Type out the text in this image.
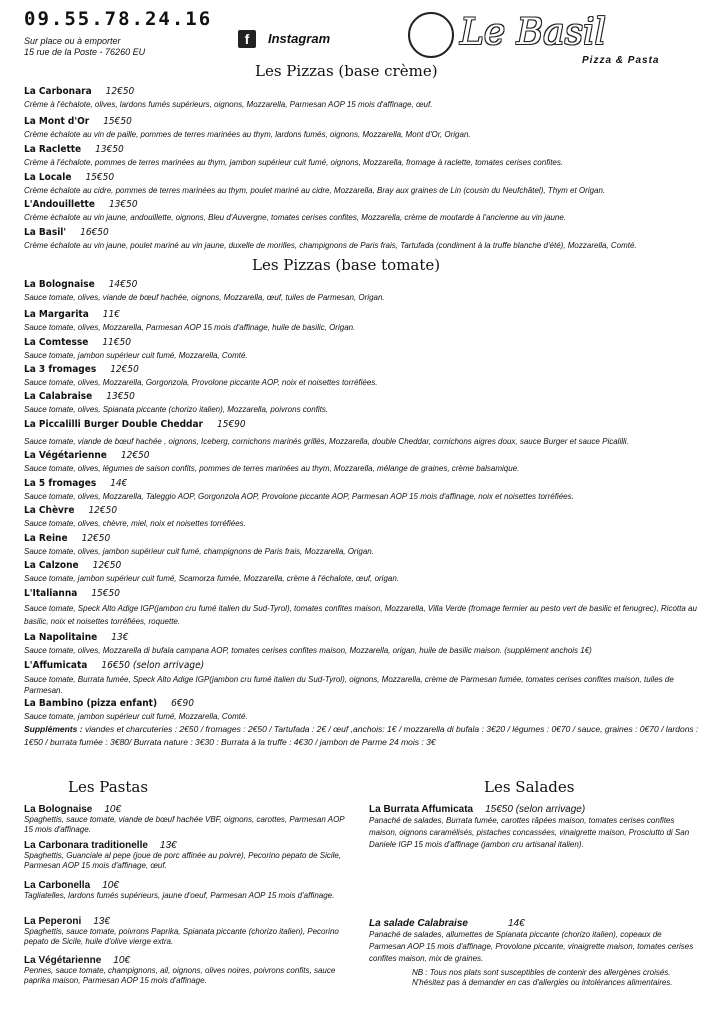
09.55.78.24.16
Sur place ou à emporter
15 rue de la Poste - 76260 EU
f	Instagram	Le Basil
Pizza & Pasta
Les Pizzas (base crème)
La Carbonara 12€50
Crème à l'échalote, olives, lardons fumés supérieurs, oignons, Mozzarella, Parmesan AOP 15 mois d'affinage, œuf.
La Mont d'Or 15€50
Crème échalote au vin de paille, pommes de terres marinées au thym, lardons fumés, oignons, Mozzarella, Mont d'Or, Origan.
La Raclette 13€50
Crème à l'échalote, pommes de terres marinées au thym, jambon supérieur cuit fumé, oignons, Mozzarella, fromage à raclette, tomates cerises confites.
La Locale 15€50
Crème échalote au cidre, pommes de terres marinées au thym, poulet mariné au cidre, Mozzarella, Bray aux graines de Lin (cousin du Neufchâtel), Thym et Origan.
L'Andouillette 13€50
Crème échalote au vin jaune, andouillette, oignons, Bleu d'Auvergne, tomates cerises confites, Mozzarella, crème de moutarde à l'ancienne au vin jaune.
La Basil' 16€50
Crème échalote au vin jaune, poulet mariné au vin jaune, duxelle de morilles, champignons de Paris frais, Tartufada (condiment à la truffe blanche d'été), Mozzarella, Comté.
Les Pizzas (base tomate)
La Bolognaise 14€50
Sauce tomate, olives, viande de bœuf hachée, oignons, Mozzarella, œuf, tuiles de Parmesan, Origan.
La Margarita 11€
Sauce tomate, olives, Mozzarella, Parmesan AOP 15 mois d'affinage, huile de basilic, Origan.
La Comtesse 11€50
Sauce tomate, jambon supérieur cuit fumé, Mozzarella, Comté.
La 3 fromages 12€50
Sauce tomate, olives, Mozzarella, Gorgonzola, Provolone piccante AOP, noix et noisettes torréfiées.
La Calabraise 13€50
Sauce tomate, olives, Spianata piccante (chorizo italien), Mozzarella, poivrons confits.
La Piccalilli Burger Double Cheddar 15€90
Sauce tomate, viande de bœuf hachée , oignons, Iceberg, cornichons marinés grillés, Mozzarella, double Cheddar, cornichons aigres doux, sauce Burger et sauce Picalilli.
La Végétarienne 12€50
Sauce tomate, olives, légumes de saison confits, pommes de terres marinées au thym, Mozzarella, mélange de graines, crème balsamique.
La 5 fromages 14€
Sauce tomate, olives, Mozzarella, Taleggio AOP, Gorgonzola AOP, Provolone piccante AOP, Parmesan AOP 15 mois d'affinage, noix et noisettes torréfiées.
La Chèvre 12€50
Sauce tomate, olives, chèvre, miel, noix et noisettes torréfiées.
La Reine 12€50
Sauce tomate, olives, jambon supérieur cuit fumé, champignons de Paris frais, Mozzarella, Origan.
La Calzone 12€50
Sauce tomate, jambon supérieur cuit fumé, Scamorza fumée, Mozzarella, crème à l'échalote, œuf, origan.
L'Italianna 15€50
Sauce tomate, Speck Alto Adige IGP(jambon cru fumé italien du Sud-Tyrol), tomates confites maison, Mozzarella, Villa Verde (fromage fermier au pesto vert de basilic et fenugrec), Ricotta au basilic, noix et noisettes torréfiées, roquette.
La Napolitaine 13€
Sauce tomate, olives, Mozzarella di bufala campana AOP, tomates cerises confites maison, Mozzarella, origan, huile de basilic maison. (supplément anchois 1€)
L'Affumicata 16€50 (selon arrivage)
Sauce tomate, Burrata fumée, Speck Alto Adige IGP(jambon cru fumé italien du Sud-Tyrol), oignons, Mozzarella, crème de Parmesan fumée, tomates cerises confites maison, tuiles de Parmesan.
La Bambino (pizza enfant) 6€90
Sauce tomate, jambon supérieur cuit fumé, Mozzarella, Comté.
Suppléments : viandes et charcuteries : 2€50 / fromages : 2€50 / Tartufada : 2€ / œuf ,anchois: 1€ / mozzarella di bufala : 3€20 / légumes : 0€70 / sauce, graines : 0€70 / lardons : 1€50 / burrata fumée : 3€80/ Burrata nature : 3€30 : Burrata à la truffe : 4€30 / jambon de Parme 24 mois : 3€
Les Pastas
La Bolognaise 10€
Spaghettis, sauce tomate, viande de bœuf hachée VBF, oignons, carottes, Parmesan AOP 15 mois d'affinage.
La Carbonara traditionelle 13€
Spaghettis, Guanciale al pepe (joue de porc affinée au poivre), Pecorino pepato de Sicile, Parmesan AOP 15 mois d'affinage, œuf.
La Carbonella 10€
Tagliatelles, lardons fumés supérieurs, jaune d'oeuf, Parmesan AOP 15 mois d'affinage.
La Peperoni 13€
Spaghettis, sauce tomate, poivrons Paprika, Spianata piccante (chorizo italien), Pecorino pepato de Sicile, huile d'olive vierge extra.
La Végétarienne 10€
Pennes, sauce tomate, champignons, ail, oignons, olives noires, poivrons confits, sauce paprika maison, Parmesan AOP 15 mois d'affinage.
Les Salades
La Burrata Affumicata 15€50 (selon arrivage)
Panaché de salades, Burrata fumée, carottes râpées maison, tomates cerises confites maison, oignons caramélisés, pistaches concassées, vinaigrette maison, Prosciutto di San Daniele IGP 15 mois d'affinage (jambon cru artisanal italien).
La salade Calabraise	14€
Panaché de salades, allumettes de Spianata piccante (chorizo italien), copeaux de Parmesan AOP 15 mois d'affinage, Provolone piccante, vinaigrette maison, tomates cerises confites maison, mix de graines.
NB : Tous nos plats sont susceptibles de contenir des allergènes croisés.
N'hésitez pas à demander en cas d'allergies ou intolérances alimentaires.
